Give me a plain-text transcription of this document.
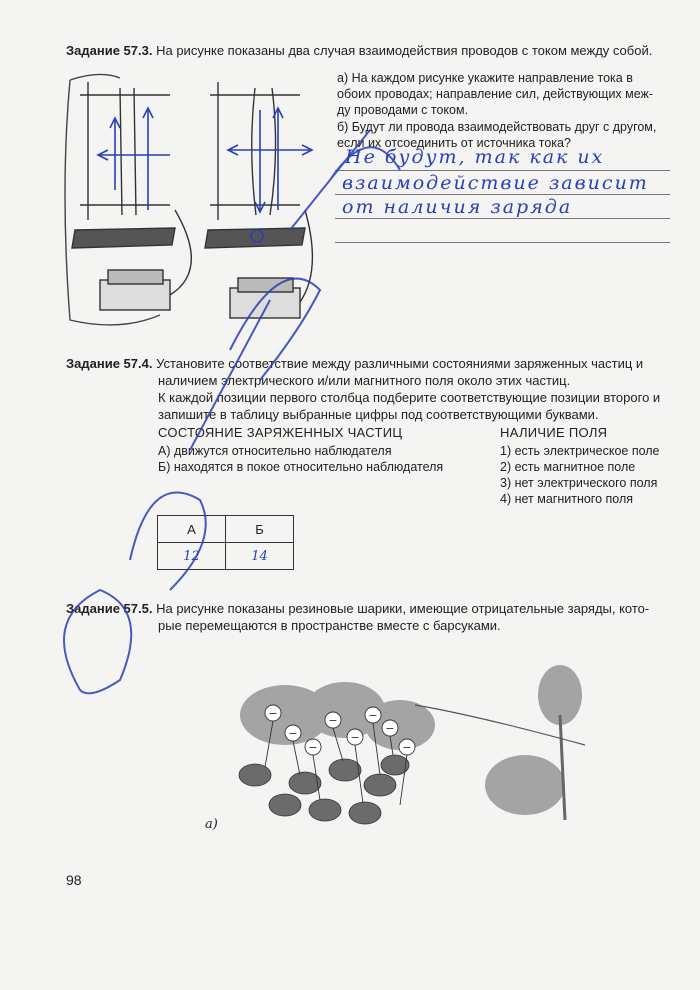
Задание 57.3. На рисунке показаны два случая взаимодействия проводов с током между собой.
а) На каждом рисунке укажите направление тока в
обоих проводах; направление сил, действующих меж-
ду проводами с током.
б) Будут ли провода взаимодействовать друг с другом,
если их отсоединить от источника тока?
Не будут, так как их
взаимодействие зависит
от наличия заряда
Задание 57.4. Установите соответствие между различными состояниями заряженных частиц и
наличием электрического и/или магнитного поля около этих частиц.
К каждой позиции первого столбца подберите соответствующие позиции второго и
запишите в таблицу выбранные цифры под соответствующими буквами.
СОСТОЯНИЕ ЗАРЯЖЕННЫХ ЧАСТИЦ
А) движутся относительно наблюдателя
Б) находятся в покое относительно наблюдателя
НАЛИЧИЕ ПОЛЯ
1) есть электрическое поле
2) есть магнитное поле
3) нет электрического поля
4) нет магнитного поля
А	Б
12	14
Задание 57.5. На рисунке показаны резиновые шарики, имеющие отрицательные заряды, кото-
рые перемещаются в пространстве вместе с барсуками.
−
−
−
−
−
−
−
−
а)
98
